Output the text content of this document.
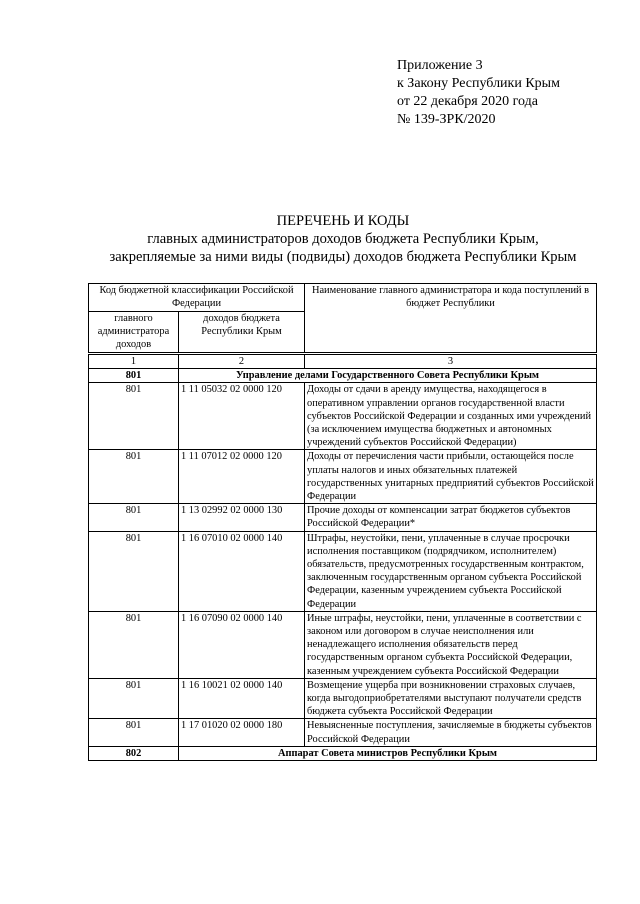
Приложение 3
к Закону Республики Крым
от 22 декабря 2020 года
№ 139-ЗРК/2020
ПЕРЕЧЕНЬ И КОДЫ
главных администраторов доходов бюджета Республики Крым,
закрепляемые за ними виды (подвиды) доходов бюджета Республики Крым
Код бюджетной классификации Российской Федерации		Наименование главного администратора и кода поступлений в бюджет Республики
главного администратора доходов	доходов бюджета Республики Крым	

1	2	3
801	Управление делами Государственного Совета Республики Крым	
801	1 11 05032 02 0000 120	Доходы от сдачи в аренду имущества, находящегося в оперативном управлении органов государственной власти субъектов Российской Федерации и созданных ими учреждений (за исключением имущества бюджетных и автономных учреждений субъектов Российской Федерации)
801	1 11 07012 02 0000 120	Доходы от перечисления части прибыли, остающейся после уплаты налогов и иных обязательных платежей государственных унитарных предприятий субъектов Российской Федерации
801	1 13 02992 02 0000 130	Прочие доходы от компенсации затрат бюджетов субъектов Российской Федерации*
801	1 16 07010 02 0000 140	Штрафы, неустойки, пени, уплаченные в случае просрочки исполнения поставщиком (подрядчиком, исполнителем) обязательств, предусмотренных государственным контрактом, заключенным государственным органом субъекта Российской Федерации, казенным учреждением субъекта Российской Федерации
801	1 16 07090 02 0000 140	Иные штрафы, неустойки, пени, уплаченные в соответствии с законом или договором в случае неисполнения или ненадлежащего исполнения обязательств перед государственным органом субъекта Российской Федерации, казенным учреждением субъекта Российской Федерации
801	1 16 10021 02 0000 140	Возмещение ущерба при возникновении страховых случаев, когда выгодоприобретателями выступают получатели средств бюджета субъекта Российской Федерации
801	1 17 01020 02 0000 180	Невыясненные поступления, зачисляемые в бюджеты субъектов Российской Федерации
802	Аппарат Совета министров Республики Крым	
